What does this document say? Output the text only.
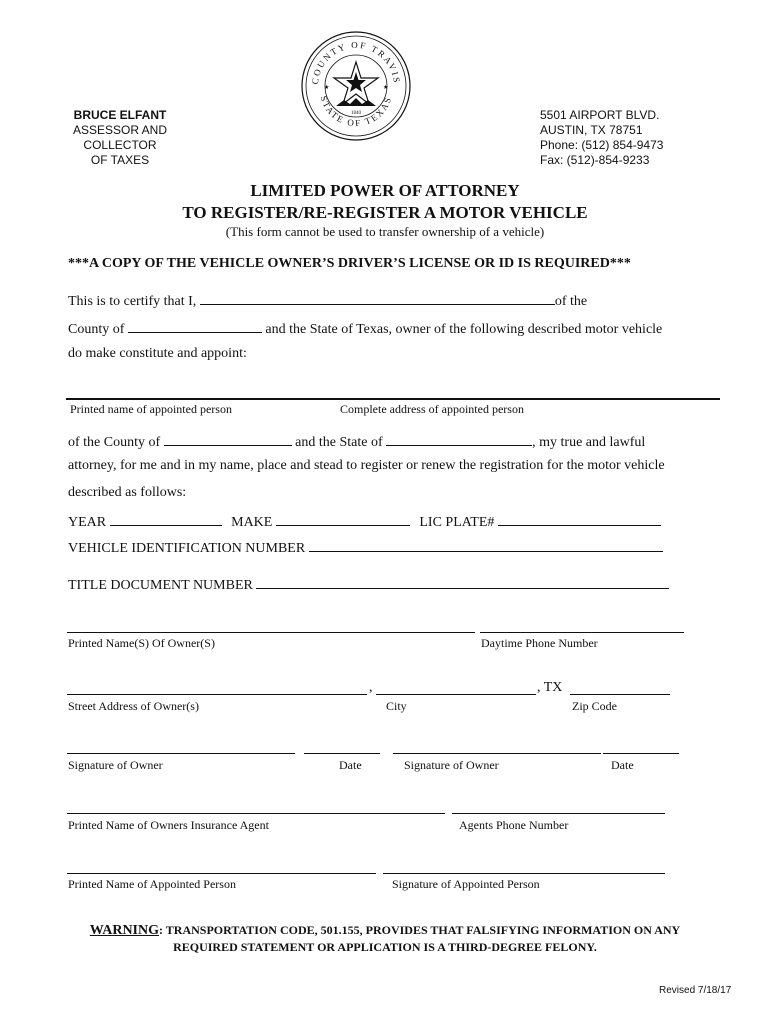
BRUCE ELFANT
ASSESSOR AND COLLECTOR
OF TAXES
COUNTY OF TRAVIS
STATE OF TEXAS
1840
★	★
5501 AIRPORT BLVD.
AUSTIN, TX 78751
Phone: (512) 854-9473
Fax: (512)-854-9233
LIMITED POWER OF ATTORNEY
TO REGISTER/RE-REGISTER A MOTOR VEHICLE
(This form cannot be used to transfer ownership of a vehicle)
***A COPY OF THE VEHICLE OWNER’S DRIVER’S LICENSE OR ID IS REQUIRED***
This is to certify that I,	of the
County of	and the State of Texas, owner of the following described motor vehicle
do make constitute and appoint:
Printed name of appointed person	Complete address of appointed person
of the County of	and the State of	, my true and lawful
attorney, for me and in my name, place and stead to register or renew the registration for the motor vehicle
described as follows:
YEAR	MAKE	LIC PLATE#
VEHICLE IDENTIFICATION NUMBER
TITLE DOCUMENT NUMBER
Printed Name(S) Of Owner(S)	Daytime Phone Number
,	, TX
Street Address of Owner(s)	City	Zip Code
Signature of Owner	Date	Signature of Owner	Date
Printed Name of Owners Insurance Agent	Agents Phone Number
Printed Name of Appointed Person	Signature of Appointed Person
WARNING: TRANSPORTATION CODE, 501.155, PROVIDES THAT FALSIFYING INFORMATION ON ANY
REQUIRED STATEMENT OR APPLICATION IS A THIRD-DEGREE FELONY.
Revised 7/18/17
